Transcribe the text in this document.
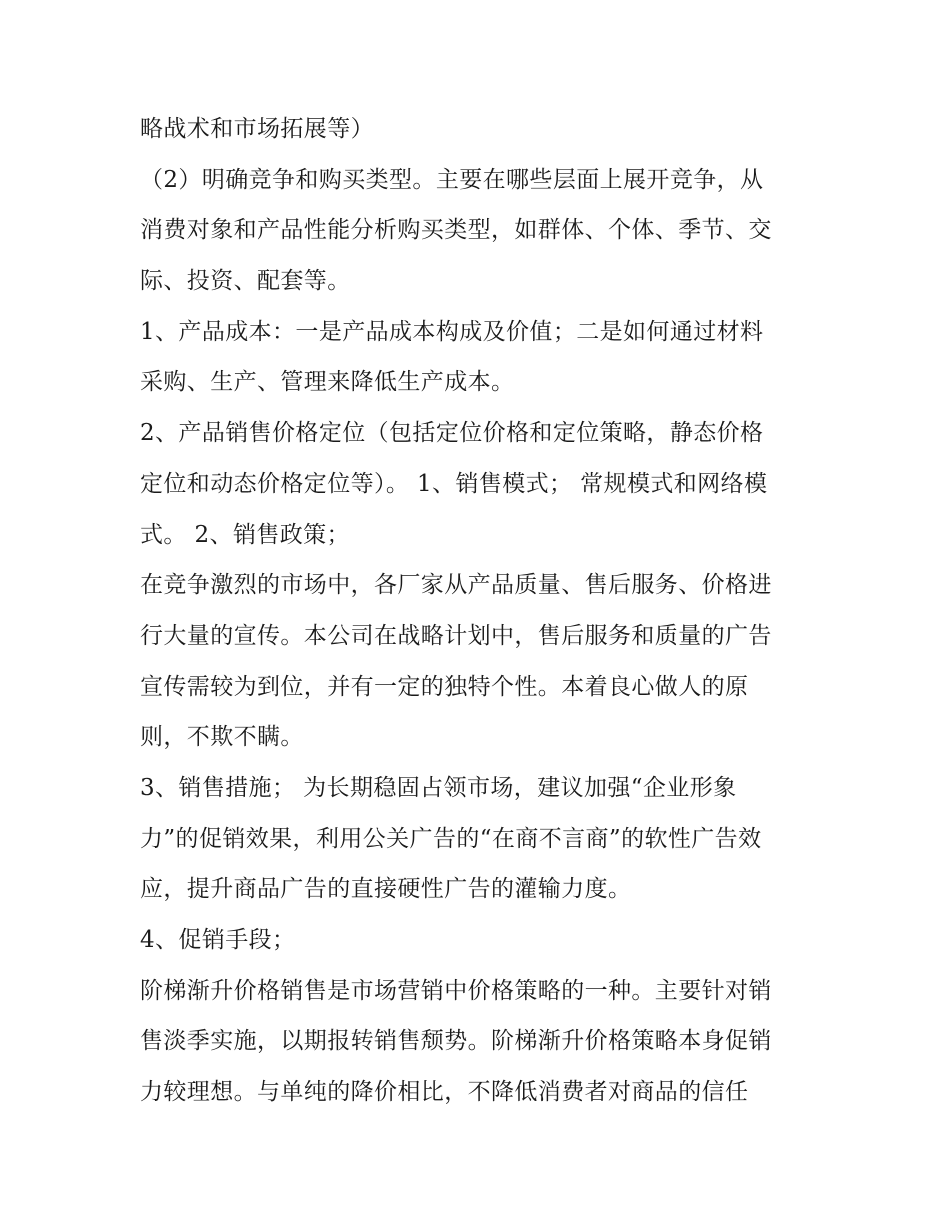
略战术和市场拓展等）
（2）明确竞争和购买类型。主要在哪些层面上展开竞争，从
消费对象和产品性能分析购买类型，如群体、个体、季节、交
际、投资、配套等。
1、产品成本：一是产品成本构成及价值；二是如何通过材料
采购、生产、管理来降低生产成本。
2、产品销售价格定位（包括定位价格和定位策略，静态价格
定位和动态价格定位等）。 1、销售模式； 常规模式和网络模
式。 2、销售政策；
在竞争激烈的市场中，各厂家从产品质量、售后服务、价格进
行大量的宣传。本公司在战略计划中，售后服务和质量的广告
宣传需较为到位，并有一定的独特个性。本着良心做人的原
则，不欺不瞒。
3、销售措施； 为长期稳固占领市场，建议加强“企业形象
力”的促销效果，利用公关广告的“在商不言商”的软性广告效
应，提升商品广告的直接硬性广告的灌输力度。
4、促销手段；
阶梯渐升价格销售是市场营销中价格策略的一种。主要针对销
售淡季实施，以期报转销售颓势。阶梯渐升价格策略本身促销
力较理想。与单纯的降价相比，不降低消费者对商品的信任
